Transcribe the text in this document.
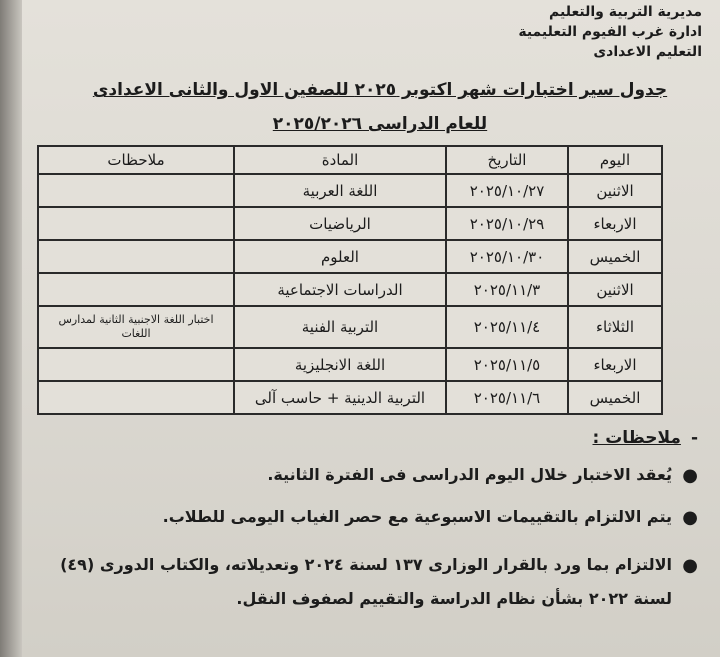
مديرية التربية والتعليم
ادارة غرب الفيوم التعليمية
التعليم الاعدادى
جدول سير اختبارات شهر اكتوبر ٢٠٢٥ للصفين الاول والثانى الاعدادى
للعام الدراسى ٢٠٢٥/٢٠٢٦
اليوم	التاريخ	المادة	ملاحظات
الاثنين	٢٠٢٥/١٠/٢٧	اللغة العربية	
الاربعاء	٢٠٢٥/١٠/٢٩	الرياضيات	
الخميس	٢٠٢٥/١٠/٣٠	العلوم	
الاثنين	٢٠٢٥/١١/٣	الدراسات الاجتماعية	
الثلاثاء	٢٠٢٥/١١/٤	التربية الفنية	اختبار اللغة الاجنبية الثانية لمدارس اللغات
الاربعاء	٢٠٢٥/١١/٥	اللغة الانجليزية	
الخميس	٢٠٢٥/١١/٦	التربية الدينية + حاسب آلى	
-ملاحظات :
●
يُعقد الاختبار خلال اليوم الدراسى فى الفترة الثانية.
●
يتم الالتزام بالتقييمات الاسبوعية مع حصر الغياب اليومى للطلاب.
●
الالتزام بما ورد بالقرار الوزارى ١٣٧ لسنة ٢٠٢٤ وتعديلاته، والكتاب الدورى (٤٩) لسنة ٢٠٢٢ بشأن نظام الدراسة والتقييم لصفوف النقل.
